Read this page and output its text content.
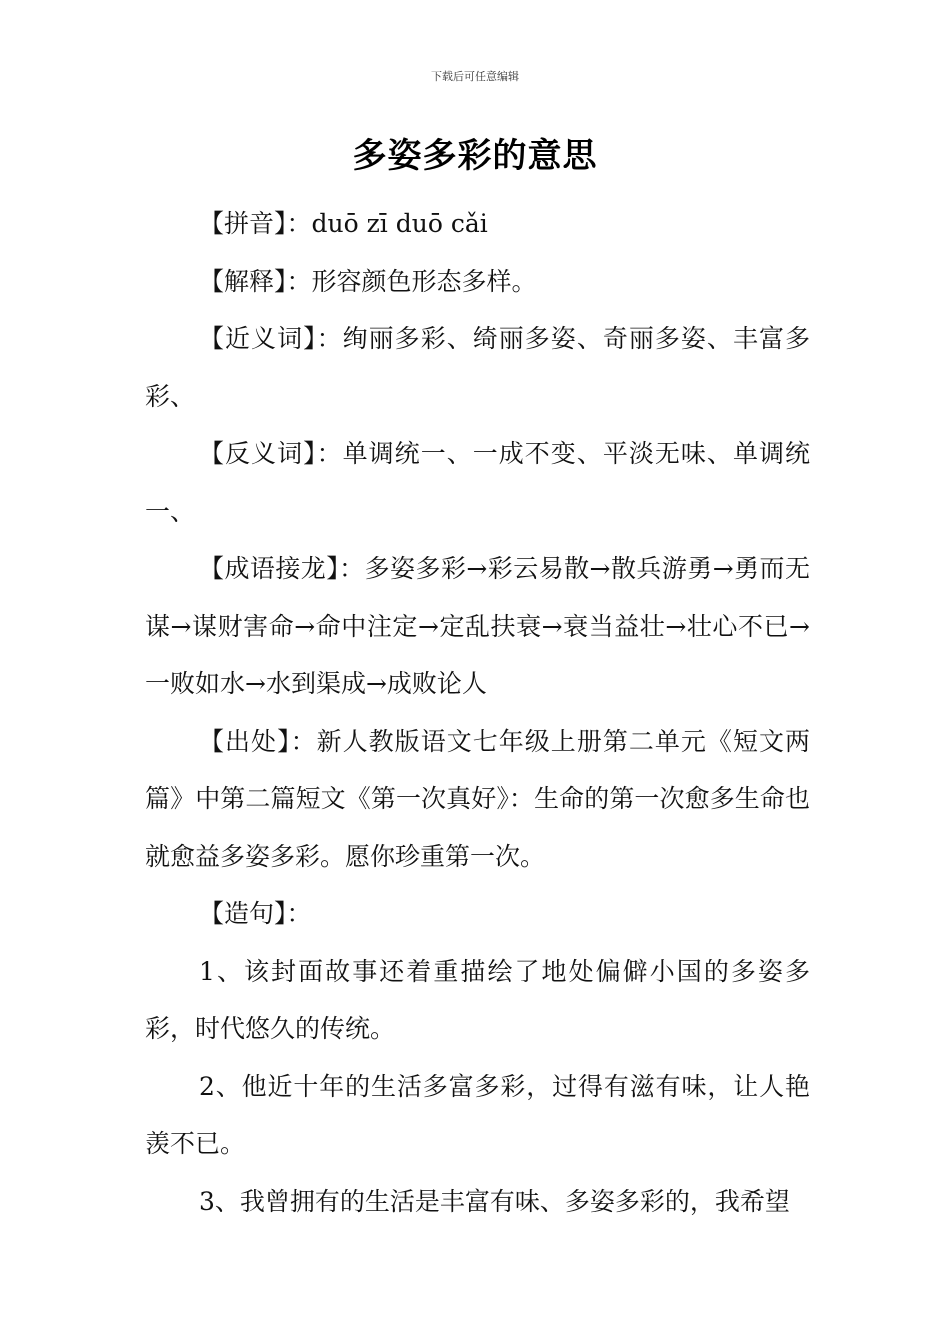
下载后可任意编辑
多姿多彩的意思

【拼音】：duō zī duō cǎi

【解释】：形容颜色形态多样。

【近义词】：绚丽多彩、绮丽多姿、奇丽多姿、丰富多彩、

【反义词】：单调统一、一成不变、平淡无味、单调统一、

【成语接龙】：多姿多彩→彩云易散→散兵游勇→勇而无谋→谋财害命→命中注定→定乱扶衰→衰当益壮→壮心不已→一败如水→水到渠成→成败论人

【出处】：新人教版语文七年级上册第二单元《短文两篇》中第二篇短文《第一次真好》：生命的第一次愈多生命也就愈益多姿多彩。愿你珍重第一次。

【造句】：

1、该封面故事还着重描绘了地处偏僻小国的多姿多彩，时代悠久的传统。

2、他近十年的生活多富多彩，过得有滋有味，让人艳羡不已。

3、我曾拥有的生活是丰富有味、多姿多彩的，我希望
